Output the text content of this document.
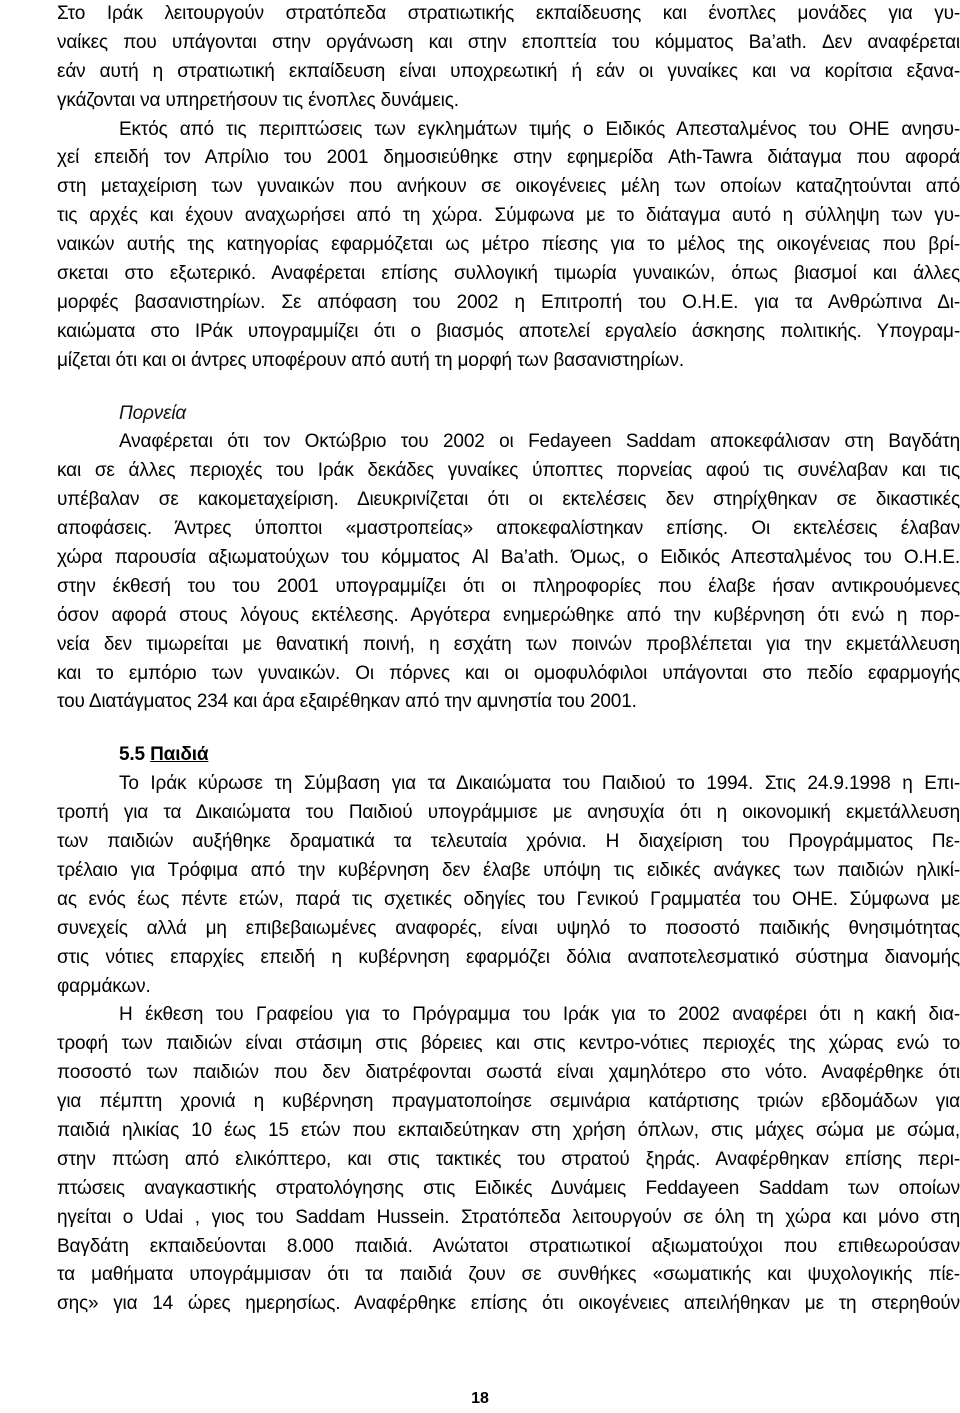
Στο Ιράκ λειτουργούν στρατόπεδα στρατιωτικής εκπαίδευσης και ένοπλες μονάδες για γυ-
ναίκες που υπάγονται στην οργάνωση και στην εποπτεία του κόμματος Ba’ath. Δεν αναφέρεται
εάν αυτή η στρατιωτική εκπαίδευση είναι υποχρεωτική ή εάν οι γυναίκες και να κορίτσια εξανα-
γκάζονται να υπηρετήσουν τις ένοπλες δυνάμεις.
Εκτός από τις περιπτώσεις των εγκλημάτων τιμής ο Ειδικός Απεσταλμένος του ΟΗΕ ανησυ-
χεί επειδή τον Απρίλιο του 2001 δημοσιεύθηκε στην εφημερίδα Ath-Tawra διάταγμα που αφορά
στη μεταχείριση των γυναικών που ανήκουν σε οικογένειες μέλη των οποίων καταζητούνται από
τις αρχές και έχουν αναχωρήσει από τη χώρα. Σύμφωνα με το διάταγμα αυτό η σύλληψη των γυ-
ναικών αυτής της κατηγορίας εφαρμόζεται ως μέτρο πίεσης για το μέλος της οικογένειας που βρί-
σκεται στο εξωτερικό. Αναφέρεται επίσης συλλογική τιμωρία γυναικών, όπως βιασμοί και άλλες
μορφές βασανιστηρίων. Σε απόφαση του 2002 η Επιτροπή του Ο.Η.Ε. για τα Ανθρώπινα Δι-
καιώματα στο ΙΡάκ υπογραμμίζει ότι ο βιασμός αποτελεί εργαλείο άσκησης πολιτικής. Υπογραμ-
μίζεται ότι και οι άντρες υποφέρουν από αυτή τη μορφή των βασανιστηρίων.
Πορνεία
Αναφέρεται ότι τον Οκτώβριο του 2002 οι Fedayeen Saddam αποκεφάλισαν στη Βαγδάτη
και σε άλλες περιοχές του Ιράκ δεκάδες γυναίκες ύποπτες πορνείας αφού τις συνέλαβαν και τις
υπέβαλαν σε κακομεταχείριση. Διευκρινίζεται ότι οι εκτελέσεις δεν στηρίχθηκαν σε δικαστικές
αποφάσεις. Άντρες ύποπτοι «μαστροπείας» αποκεφαλίστηκαν επίσης. Οι εκτελέσεις έλαβαν
χώρα παρουσία αξιωματούχων του κόμματος Al Ba’ath. Όμως, ο Ειδικός Απεσταλμένος του Ο.Η.Ε.
στην έκθεσή του του 2001 υπογραμμίζει ότι οι πληροφορίες που έλαβε ήσαν αντικρουόμενες
όσον αφορά στους λόγους εκτέλεσης. Αργότερα ενημερώθηκε από την κυβέρνηση ότι ενώ η πορ-
νεία δεν τιμωρείται με θανατική ποινή, η εσχάτη των ποινών προβλέπεται για την εκμετάλλευση
και το εμπόριο των γυναικών. Οι πόρνες και οι ομοφυλόφιλοι υπάγονται στο πεδίο εφαρμογής
του Διατάγματος 234 και άρα εξαιρέθηκαν από την αμνηστία του 2001.
5.5 Παιδιά
Το Ιράκ κύρωσε τη Σύμβαση για τα Δικαιώματα του Παιδιού το 1994. Στις 24.9.1998 η Επι-
τροπή για τα Δικαιώματα του Παιδιού υπογράμμισε με ανησυχία ότι η οικονομική εκμετάλλευση
των παιδιών αυξήθηκε δραματικά τα τελευταία χρόνια. Η διαχείριση του Προγράμματος Πε-
τρέλαιο για Τρόφιμα από την κυβέρνηση δεν έλαβε υπόψη τις ειδικές ανάγκες των παιδιών ηλικί-
ας ενός έως πέντε ετών, παρά τις σχετικές οδηγίες του Γενικού Γραμματέα του ΟΗΕ. Σύμφωνα με
συνεχείς αλλά μη επιβεβαιωμένες αναφορές, είναι υψηλό το ποσοστό παιδικής θνησιμότητας
στις νότιες επαρχίες επειδή η κυβέρνηση εφαρμόζει δόλια αναποτελεσματικό σύστημα διανομής
φαρμάκων.
Η έκθεση του Γραφείου για το Πρόγραμμα του Ιράκ για το 2002 αναφέρει ότι η κακή δια-
τροφή των παιδιών είναι στάσιμη στις βόρειες και στις κεντρο-νότιες περιοχές της χώρας ενώ το
ποσοστό των παιδιών που δεν διατρέφονται σωστά είναι χαμηλότερο στο νότο. Αναφέρθηκε ότι
για πέμπτη χρονιά η κυβέρνηση πραγματοποίησε σεμινάρια κατάρτισης τριών εβδομάδων για
παιδιά ηλικίας 10 έως 15 ετών που εκπαιδεύτηκαν στη χρήση όπλων, στις μάχες σώμα με σώμα,
στην πτώση από ελικόπτερο, και στις τακτικές του στρατού ξηράς. Αναφέρθηκαν επίσης περι-
πτώσεις αναγκαστικής στρατολόγησης στις Ειδικές Δυνάμεις Feddayeen Saddam των οποίων
ηγείται ο Udai , γιος του Saddam Hussein. Στρατόπεδα λειτουργούν σε όλη τη χώρα και μόνο στη
Βαγδάτη εκπαιδεύονται 8.000 παιδιά. Ανώτατοι στρατιωτικοί αξιωματούχοι που επιθεωρούσαν
τα μαθήματα υπογράμμισαν ότι τα παιδιά ζουν σε συνθήκες «σωματικής και ψυχολογικής πίε-
σης» για 14 ώρες ημερησίως. Αναφέρθηκε επίσης ότι οικογένειες απειλήθηκαν με τη στερηθούν
18
